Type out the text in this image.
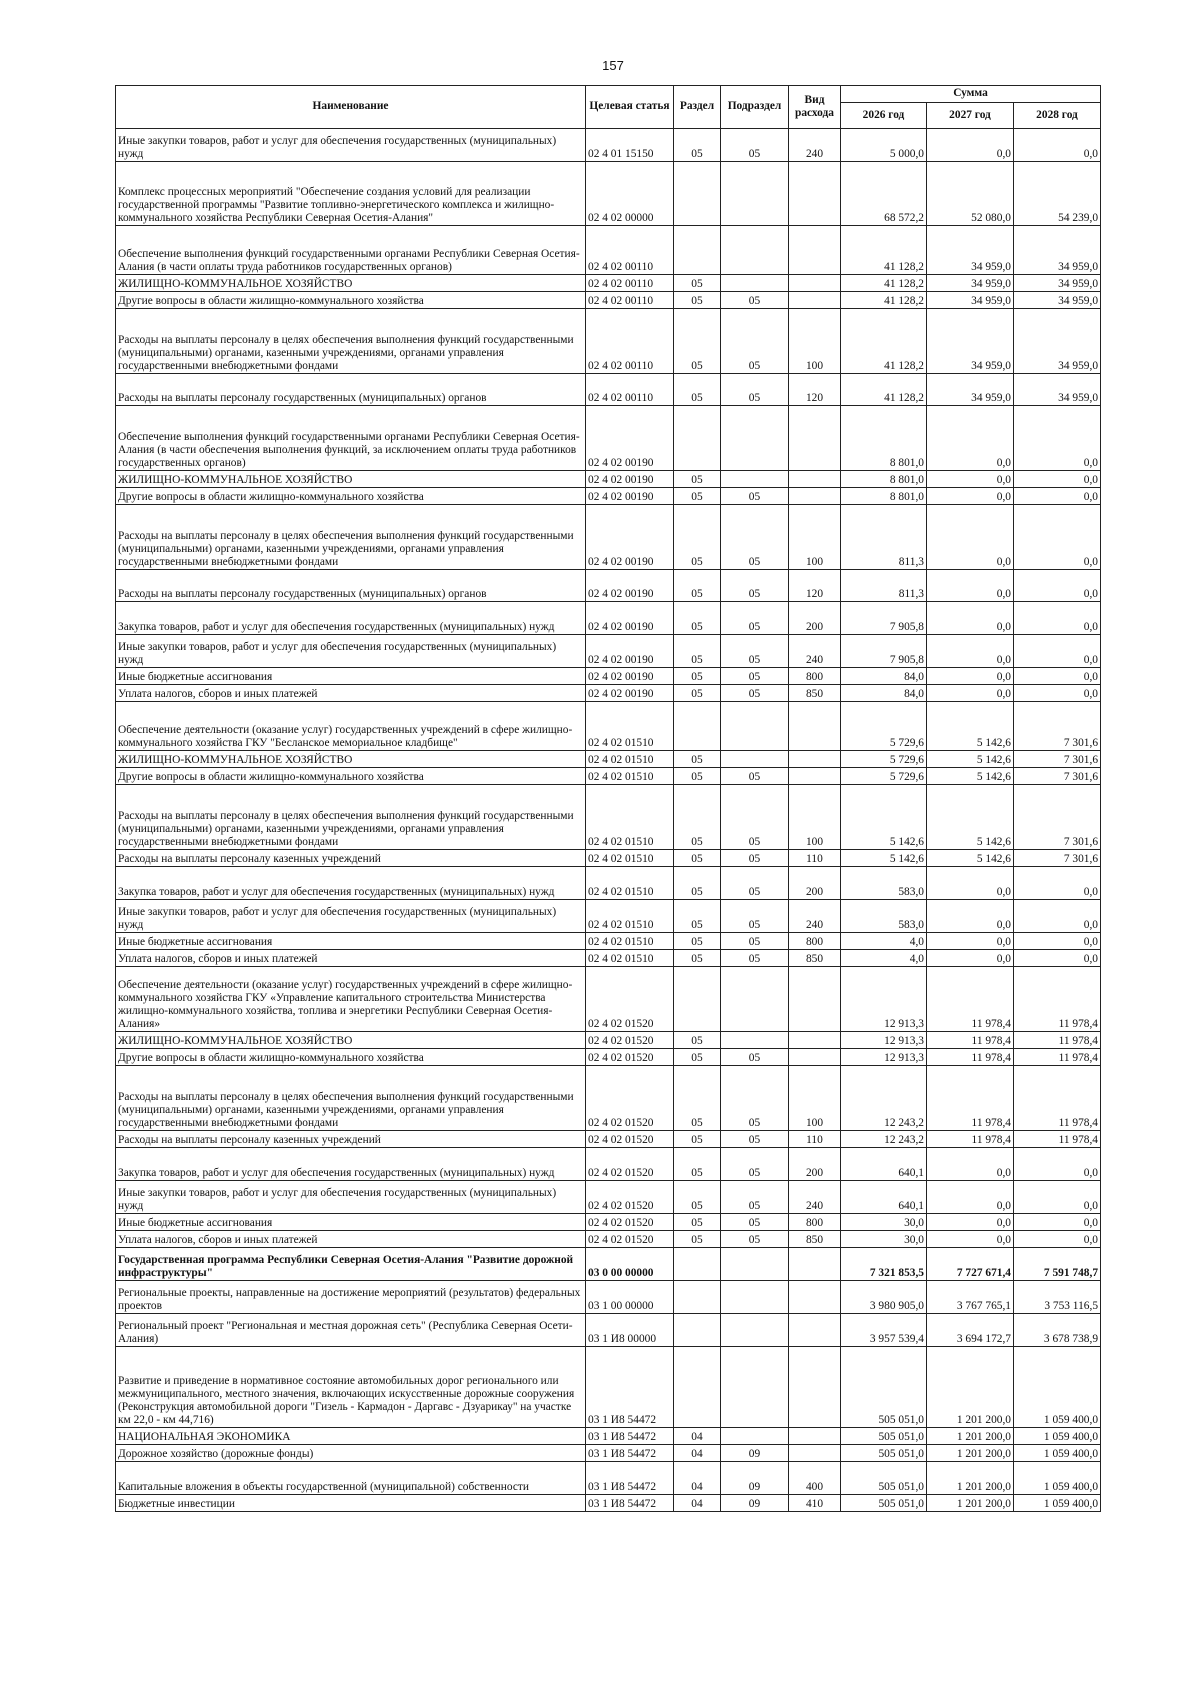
157
Наименование	Целевая статья	Раздел	Подраздел	Вид расхода	Сумма		
					2026 год	2027 год	2028 год
Иные закупки товаров, работ и услуг для обеспечения государственных (муниципальных) нужд	02 4 01 15150	05	05	240	5 000,0	0,0	0,0
Комплекс процессных мероприятий "Обеспечение создания условий для реализации государственной программы "Развитие топливно-энергетического комплекса и жилищно-коммунального хозяйства Республики Северная Осетия-Алания"	02 4 02 00000				68 572,2	52 080,0	54 239,0
Обеспечение выполнения функций государственными органами Республики Северная Осетия-Алания (в части оплаты труда работников государственных органов)	02 4 02 00110				41 128,2	34 959,0	34 959,0
ЖИЛИЩНО-КОММУНАЛЬНОЕ ХОЗЯЙСТВО	02 4 02 00110	05			41 128,2	34 959,0	34 959,0
Другие вопросы в области жилищно-коммунального хозяйства	02 4 02 00110	05	05		41 128,2	34 959,0	34 959,0
Расходы на выплаты персоналу в целях обеспечения выполнения функций государственными (муниципальными) органами, казенными учреждениями, органами управления государственными внебюджетными фондами	02 4 02 00110	05	05	100	41 128,2	34 959,0	34 959,0
Расходы на выплаты персоналу государственных (муниципальных) органов	02 4 02 00110	05	05	120	41 128,2	34 959,0	34 959,0
Обеспечение выполнения функций государственными органами Республики Северная Осетия-Алания (в части обеспечения выполнения функций, за исключением оплаты труда работников государственных органов)	02 4 02 00190				8 801,0	0,0	0,0
ЖИЛИЩНО-КОММУНАЛЬНОЕ ХОЗЯЙСТВО	02 4 02 00190	05			8 801,0	0,0	0,0
Другие вопросы в области жилищно-коммунального хозяйства	02 4 02 00190	05	05		8 801,0	0,0	0,0
Расходы на выплаты персоналу в целях обеспечения выполнения функций государственными (муниципальными) органами, казенными учреждениями, органами управления государственными внебюджетными фондами	02 4 02 00190	05	05	100	811,3	0,0	0,0
Расходы на выплаты персоналу государственных (муниципальных) органов	02 4 02 00190	05	05	120	811,3	0,0	0,0
Закупка товаров, работ и услуг для обеспечения государственных (муниципальных) нужд	02 4 02 00190	05	05	200	7 905,8	0,0	0,0
Иные закупки товаров, работ и услуг для обеспечения государственных (муниципальных) нужд	02 4 02 00190	05	05	240	7 905,8	0,0	0,0
Иные бюджетные ассигнования	02 4 02 00190	05	05	800	84,0	0,0	0,0
Уплата налогов, сборов и иных платежей	02 4 02 00190	05	05	850	84,0	0,0	0,0
Обеспечение деятельности (оказание услуг) государственных учреждений в сфере жилищно-коммунального хозяйства ГКУ "Бесланское мемориальное кладбище"	02 4 02 01510				5 729,6	5 142,6	7 301,6
ЖИЛИЩНО-КОММУНАЛЬНОЕ ХОЗЯЙСТВО	02 4 02 01510	05			5 729,6	5 142,6	7 301,6
Другие вопросы в области жилищно-коммунального хозяйства	02 4 02 01510	05	05		5 729,6	5 142,6	7 301,6
Расходы на выплаты персоналу в целях обеспечения выполнения функций государственными (муниципальными) органами, казенными учреждениями, органами управления государственными внебюджетными фондами	02 4 02 01510	05	05	100	5 142,6	5 142,6	7 301,6
Расходы на выплаты персоналу казенных учреждений	02 4 02 01510	05	05	110	5 142,6	5 142,6	7 301,6
Закупка товаров, работ и услуг для обеспечения государственных (муниципальных) нужд	02 4 02 01510	05	05	200	583,0	0,0	0,0
Иные закупки товаров, работ и услуг для обеспечения государственных (муниципальных) нужд	02 4 02 01510	05	05	240	583,0	0,0	0,0
Иные бюджетные ассигнования	02 4 02 01510	05	05	800	4,0	0,0	0,0
Уплата налогов, сборов и иных платежей	02 4 02 01510	05	05	850	4,0	0,0	0,0
Обеспечение деятельности (оказание услуг) государственных учреждений в сфере жилищно-коммунального хозяйства ГКУ «Управление капитального строительства Министерства жилищно-коммунального хозяйства, топлива и энергетики Республики Северная Осетия-Алания»	02 4 02 01520				12 913,3	11 978,4	11 978,4
ЖИЛИЩНО-КОММУНАЛЬНОЕ ХОЗЯЙСТВО	02 4 02 01520	05			12 913,3	11 978,4	11 978,4
Другие вопросы в области жилищно-коммунального хозяйства	02 4 02 01520	05	05		12 913,3	11 978,4	11 978,4
Расходы на выплаты персоналу в целях обеспечения выполнения функций государственными (муниципальными) органами, казенными учреждениями, органами управления государственными внебюджетными фондами	02 4 02 01520	05	05	100	12 243,2	11 978,4	11 978,4
Расходы на выплаты персоналу казенных учреждений	02 4 02 01520	05	05	110	12 243,2	11 978,4	11 978,4
Закупка товаров, работ и услуг для обеспечения государственных (муниципальных) нужд	02 4 02 01520	05	05	200	640,1	0,0	0,0
Иные закупки товаров, работ и услуг для обеспечения государственных (муниципальных) нужд	02 4 02 01520	05	05	240	640,1	0,0	0,0
Иные бюджетные ассигнования	02 4 02 01520	05	05	800	30,0	0,0	0,0
Уплата налогов, сборов и иных платежей	02 4 02 01520	05	05	850	30,0	0,0	0,0
Государственная программа Республики Северная Осетия-Алания "Развитие дорожной инфраструктуры"	03 0 00 00000				7 321 853,5	7 727 671,4	7 591 748,7
Региональные проекты, направленные на достижение мероприятий (результатов) федеральных проектов	03 1 00 00000				3 980 905,0	3 767 765,1	3 753 116,5
Региональный проект "Региональная и местная дорожная сеть" (Республика Северная Осети-Алания)	03 1 И8 00000				3 957 539,4	3 694 172,7	3 678 738,9
Развитие и приведение в нормативное состояние автомобильных дорог регионального или межмуниципального, местного значения, включающих искусственные дорожные сооружения (Реконструкция автомобильной дороги "Гизель - Кармадон - Даргавс - Дзуарикау" на участке км 22,0 - км 44,716)	03 1 И8 54472				505 051,0	1 201 200,0	1 059 400,0
НАЦИОНАЛЬНАЯ ЭКОНОМИКА	03 1 И8 54472	04			505 051,0	1 201 200,0	1 059 400,0
Дорожное хозяйство (дорожные фонды)	03 1 И8 54472	04	09		505 051,0	1 201 200,0	1 059 400,0
Капитальные вложения в объекты государственной (муниципальной) собственности	03 1 И8 54472	04	09	400	505 051,0	1 201 200,0	1 059 400,0
Бюджетные инвестиции	03 1 И8 54472	04	09	410	505 051,0	1 201 200,0	1 059 400,0
